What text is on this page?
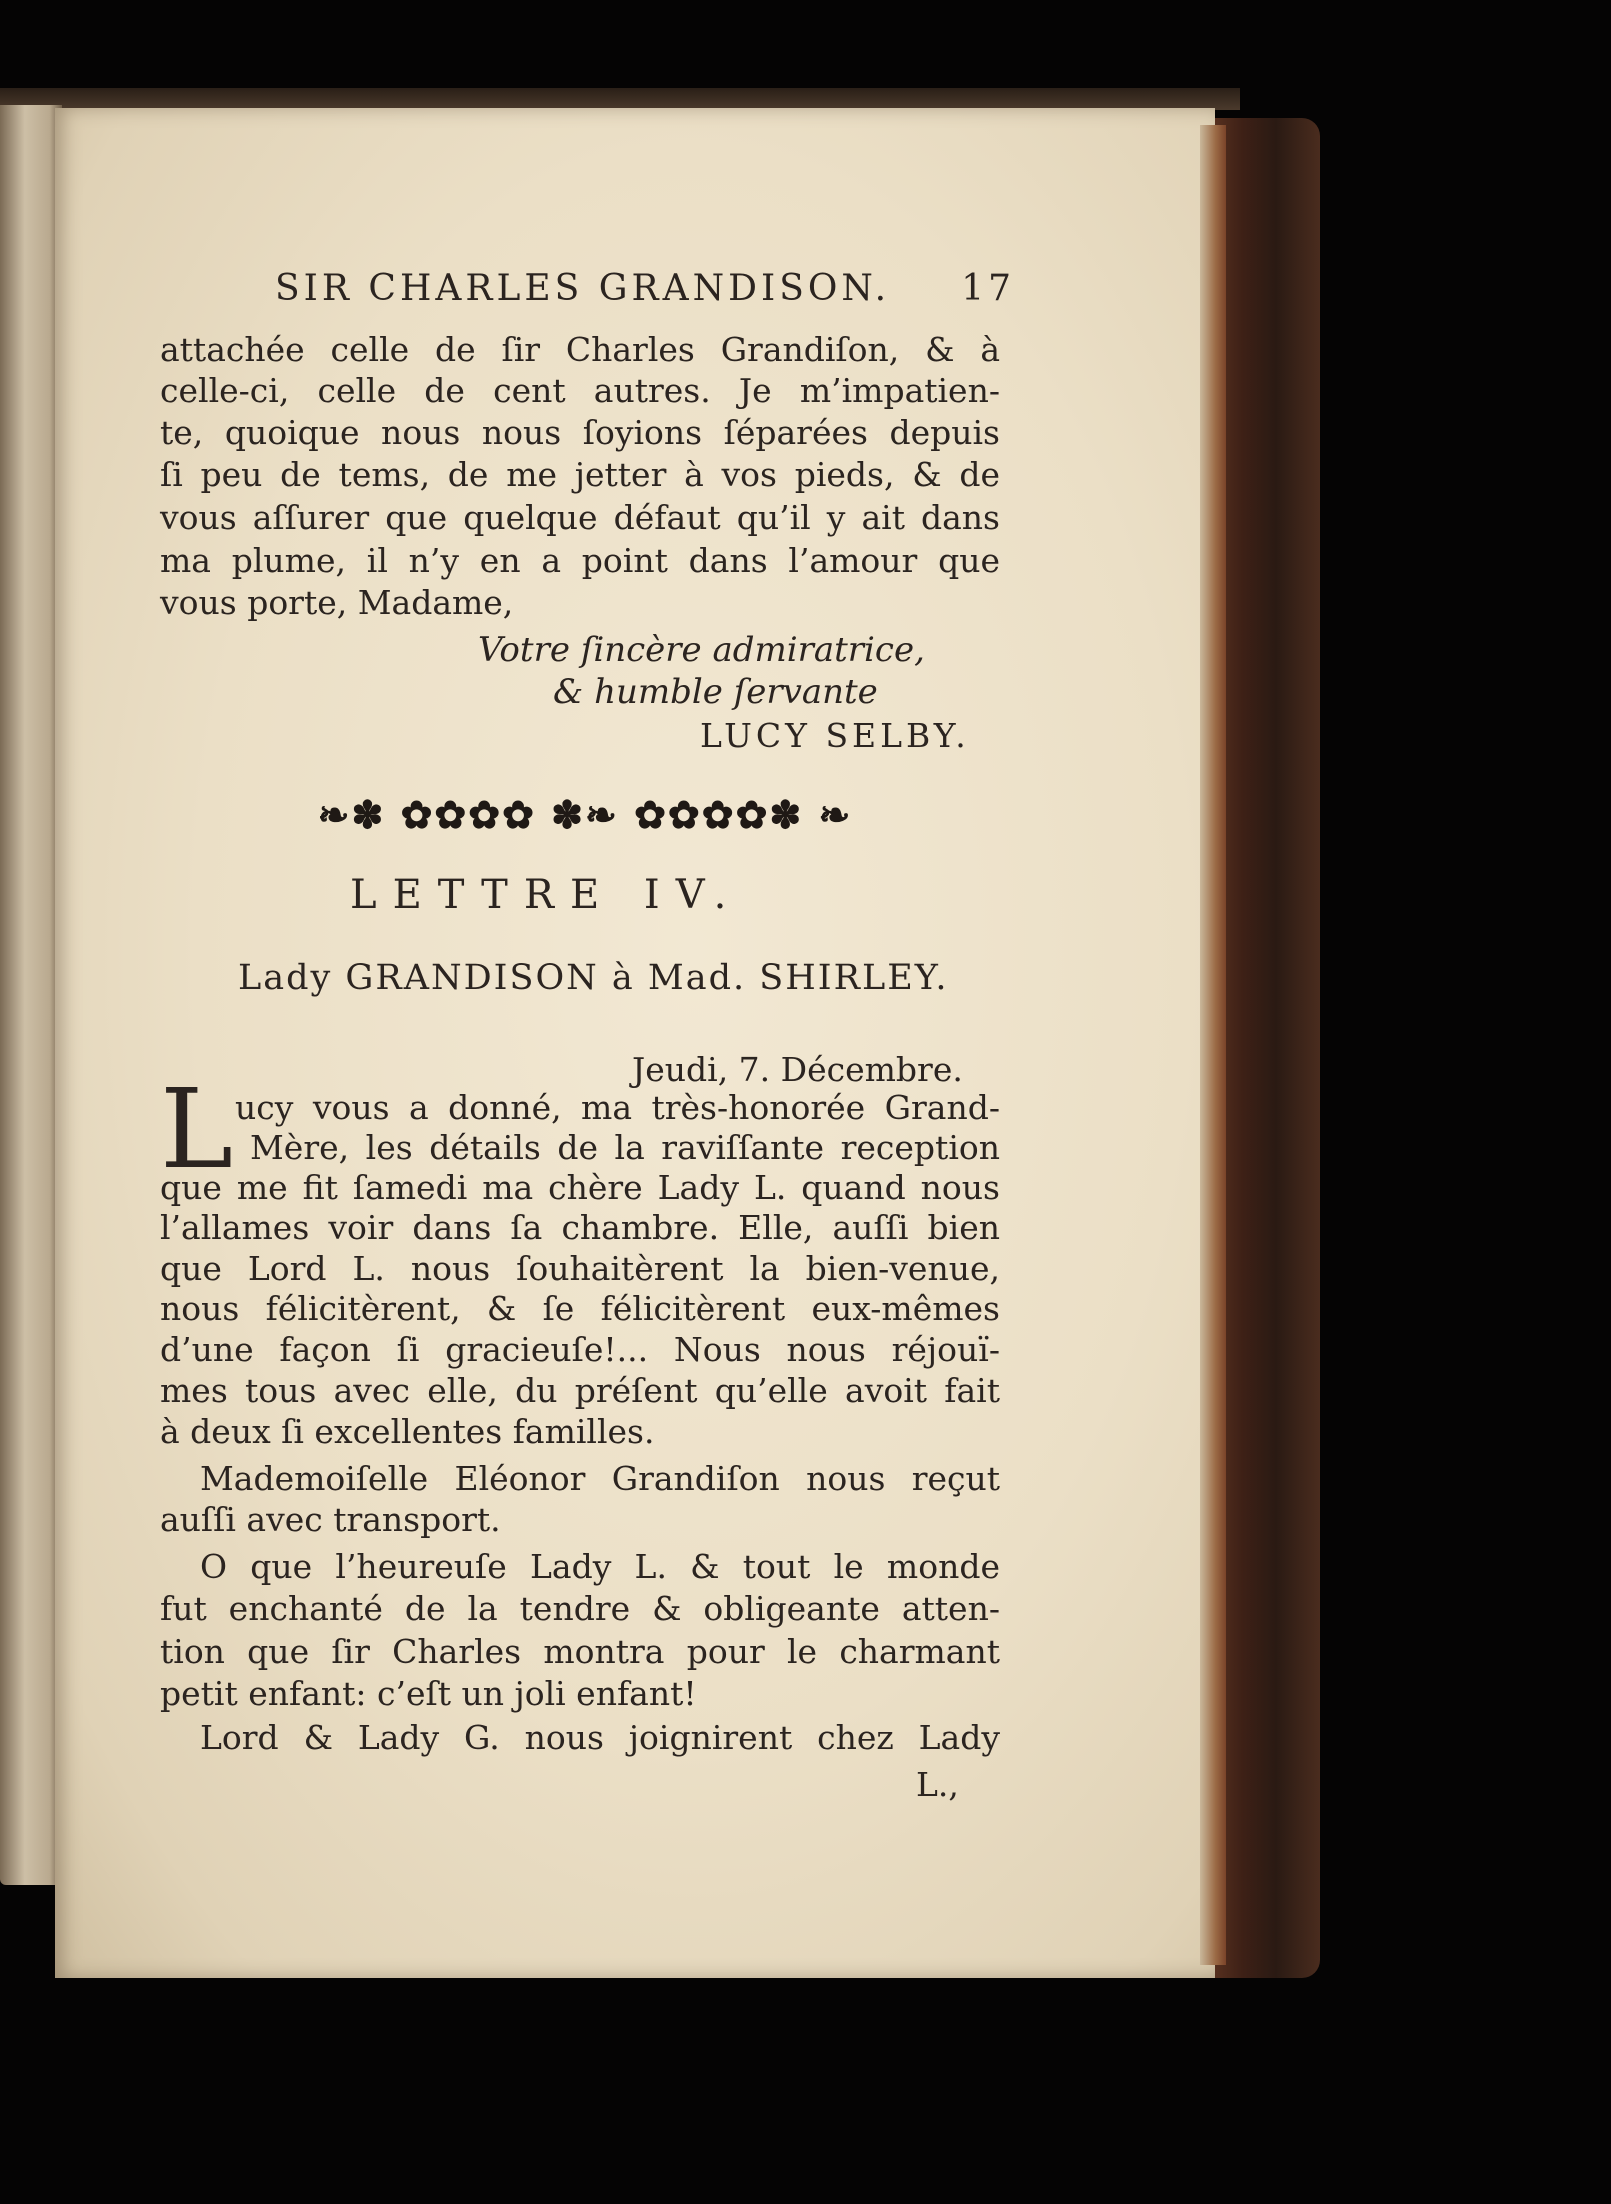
SIR CHARLES GRANDISON. 17
attachée celle de ſir Charles Grandiſon, & à
celle-ci, celle de cent autres. Je m’impatien-
te, quoique nous nous ſoyions ſéparées depuis
ſi peu de tems, de me jetter à vos pieds, & de
vous aſſurer que quelque défaut qu’il y ait dans
ma plume, il n’y en a point dans l’amour que
vous porte, Madame,
Votre ſincère admiratrice,
& humble ſervante
LUCY SELBY.
❧✽ ✿✿✿✿ ✽❧ ✿✿✿✿✽ ❧
LETTRE IV.
Lady GRANDISON à Mad. SHIRLEY.
Jeudi, 7. Décembre.
L ucy vous a donné, ma très-honorée Grand-
Mère, les détails de la raviſſante reception
que me fit ſamedi ma chère Lady L. quand nous
l’allames voir dans ſa chambre. Elle, auſſi bien
que Lord L. nous ſouhaitèrent la bien-venue,
nous félicitèrent, & ſe félicitèrent eux-mêmes
d’une façon ſi gracieuſe!... Nous nous réjouï-
mes tous avec elle, du préſent qu’elle avoit fait
à deux ſi excellentes familles.
Mademoiſelle Eléonor Grandiſon nous reçut
auſſi avec transport.
O que l’heureuſe Lady L. & tout le monde
fut enchanté de la tendre & obligeante atten-
tion que ſir Charles montra pour le charmant
petit enfant: c’eſt un joli enfant!
Lord & Lady G. nous joignirent chez Lady
L.,
